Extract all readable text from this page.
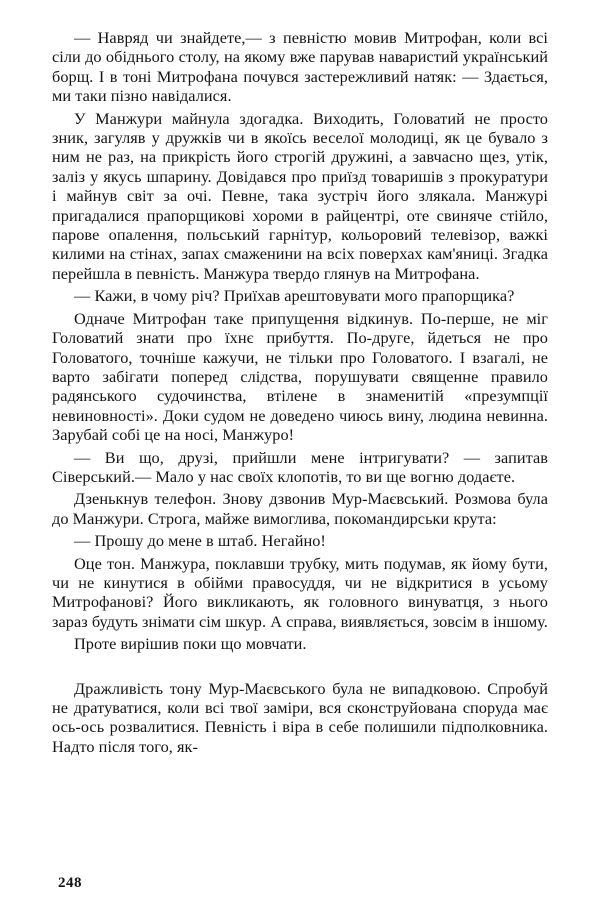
— Навряд чи знайдете,— з певністю мовив Митрофан, коли всі сіли до обіднього столу, на якому вже парував наваристий український борщ. І в тоні Митрофана почувся застережливий натяк: — Здається, ми таки пізно навідалися.

У Манжури майнула здогадка. Виходить, Головатий не просто зник, загуляв у дружків чи в якоїсь веселої молодиці, як це бувало з ним не раз, на прикрість його строгій дружині, а завчасно щез, утік, заліз у якусь шпарину. Довідався про приїзд товаришів з прокуратури і майнув світ за очі. Певне, така зустріч його злякала. Манжурі пригадалися прапорщикові хороми в райцентрі, оте свиняче стійло, парове опалення, польський гарнітур, кольоровий телевізор, важкі килими на стінах, запах смаженини на всіх поверхах кам'яниці. Згадка перейшла в певність. Манжура твердо глянув на Митрофана.

— Кажи, в чому річ? Приїхав арештовувати мого прапорщика?

Одначе Митрофан таке припущення відкинув. По-перше, не міг Головатий знати про їхнє прибуття. По-друге, йдеться не про Головатого, точніше кажучи, не тільки про Головатого. І взагалі, не варто забігати поперед слідства, порушувати священне правило радянського судочинства, втілене в знаменитій «презумпції невиновності». Доки судом не доведено чиюсь вину, людина невинна. Зарубай собі це на носі, Манжуро!

— Ви що, друзі, прийшли мене інтригувати? — запитав Сіверський.— Мало у нас своїх клопотів, то ви ще вогню додаєте.

Дзенькнув телефон. Знову дзвонив Мур-Маєвський. Розмова була до Манжури. Строга, майже вимоглива, покомандирськи крута:

— Прошу до мене в штаб. Негайно!

Оце тон. Манжура, поклавши трубку, мить подумав, як йому бути, чи не кинутися в обійми правосуддя, чи не відкритися в усьому Митрофанові? Його викликають, як головного винуватця, з нього зараз будуть знімати сім шкур. А справа, виявляється, зовсім в іншому.

Проте вирішив поки що мовчати.

Дражливість тону Мур-Маєвського була не випадковою. Спробуй не дратуватися, коли всі твої заміри, вся сконструйована споруда має ось-ось розвалитися. Певність і віра в себе полишили підполковника. Надто після того, як-

248
